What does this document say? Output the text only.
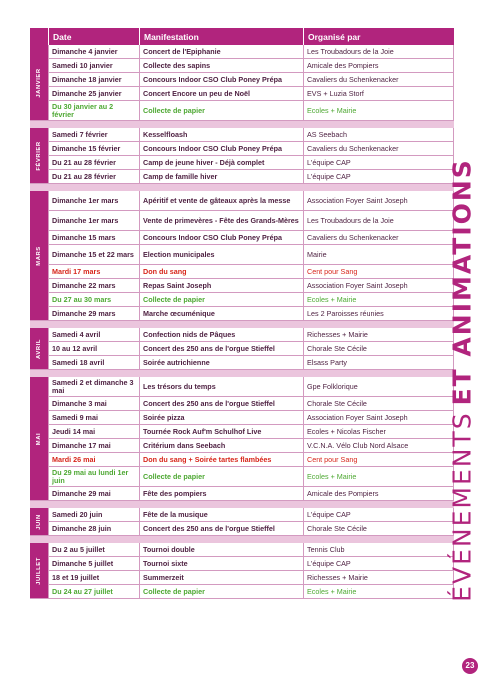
	Date	Manifestation	Organisé par

JANVIER	Dimanche 4 janvier	Concert de l'Epiphanie	Les Troubadours de la Joie
	Samedi 10 janvier	Collecte des sapins	Amicale des Pompiers
	Dimanche 18 janvier	Concours Indoor CSO Club Poney Prépa	Cavaliers du Schenkenacker
	Dimanche 25 janvier	Concert Encore un peu de Noël	EVS + Luzia Storf
	Du 30 janvier au 2 février	Collecte de papier	Ecoles + Mairie

FÉVRIER	Samedi 7 février	Kesselfloash	AS Seebach
	Dimanche 15 février	Concours Indoor CSO Club Poney Prépa	Cavaliers du Schenkenacker
	Du 21 au 28 février	Camp de jeune hiver - Déjà complet	L'équipe CAP
	Du 21 au 28 février	Camp de famille hiver	L'équipe CAP

MARS	Dimanche 1er mars	Apéritif et vente de gâteaux après la messe	Association Foyer Saint Joseph
	Dimanche 1er mars	Vente de primevères - Fête des Grands-Mères	Les Troubadours de la Joie
	Dimanche 15 mars	Concours Indoor CSO Club Poney Prépa	Cavaliers du Schenkenacker
	Dimanche 15 et 22 mars	Election municipales	Mairie
	Mardi 17 mars	Don du sang	Cent pour Sang
	Dimanche 22 mars	Repas Saint Joseph	Association Foyer Saint Joseph
	Du 27 au 30 mars	Collecte de papier	Ecoles + Mairie
	Dimanche 29 mars	Marche œcuménique	Les 2 Paroisses réunies

AVRIL	Samedi 4 avril	Confection nids de Pâques	Richesses + Mairie
	10 au 12 avril	Concert des 250 ans de l'orgue Stieffel	Chorale Ste Cécile
	Samedi 18 avril	Soirée autrichienne	Elsass Party

MAI	Samedi 2 et dimanche 3 mai	Les trésors du temps	Gpe Folklorique
	Dimanche 3 mai	Concert des 250 ans de l'orgue Stieffel	Chorale Ste Cécile
	Samedi 9 mai	Soirée pizza	Association Foyer Saint Joseph
	Jeudi 14 mai	Tournée Rock Auf'm Schulhof Live	Ecoles + Nicolas Fischer
	Dimanche 17 mai	Critérium dans Seebach	V.C.N.A. Vélo Club Nord Alsace
	Mardi 26 mai	Don du sang + Soirée tartes flambées	Cent pour Sang
	Du 29 mai au lundi 1er juin	Collecte de papier	Ecoles + Mairie
	Dimanche 29 mai	Fête des pompiers	Amicale des Pompiers

JUIN	Samedi 20 juin	Fête de la musique	L'équipe CAP
	Dimanche 28 juin	Concert des 250 ans de l'orgue Stieffel	Chorale Ste Cécile

JUILLET	Du 2 au 5 juillet	Tournoi double	Tennis Club
	Dimanche 5 juillet	Tournoi sixte	L'équipe CAP
	18 et 19 juillet	Summerzeit	Richesses + Mairie
	Du 24 au 27 juillet	Collecte de papier	Ecoles + Mairie	ÉVÉNEMENTSET ANIMATIONS
23
